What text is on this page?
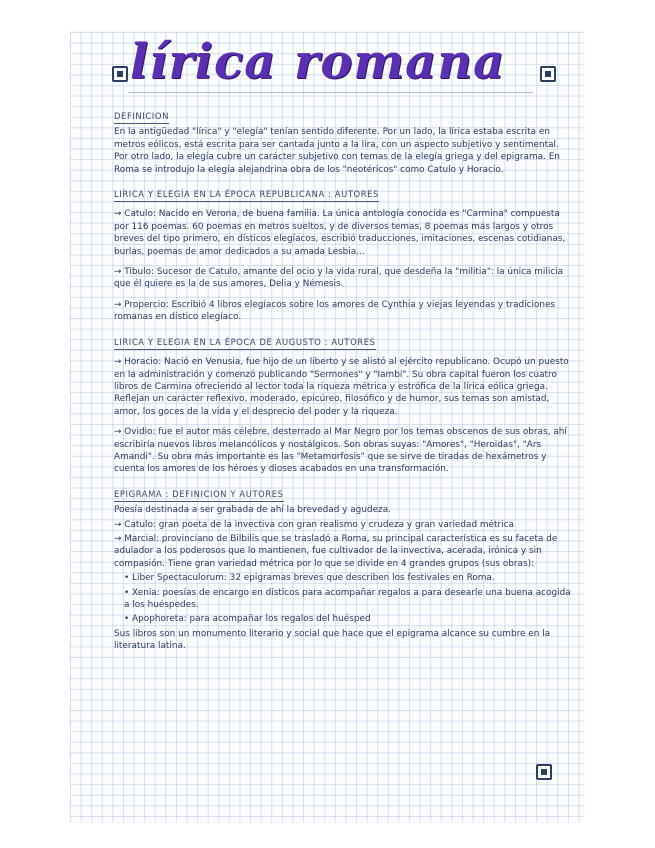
lírica romana
DEFINICION

En la antigüedad "lírica" y "elegía" tenían sentido diferente. Por un lado, la lírica estaba escrita en metros eólicos, está escrita para ser cantada junto a la lira, con un aspecto subjetivo y sentimental. Por otro lado, la elegía cubre un carácter subjetivo con temas de la elegía griega y del epigrama. En Roma se introdujo la elegía alejandrina obra de los "neotéricos" como Catulo y Horacio.

LIRICA Y ELEGÍA EN LA ÉPOCA REPUBLICANA : AUTORES

→ Catulo: Nacido en Verona, de buena familia. La única antología conocida es "Carmina" compuesta por 116 poemas. 60 poemas en metros sueltos, y de diversos temas, 8 poemas más largos y otros breves del tipo primero, en dísticos elegíacos, escribió traducciones, imitaciones, escenas cotidianas, burlas, poemas de amor dedicados a su amada Lesbia...

→ Tibulo: Sucesor de Catulo, amante del ocio y la vida rural, que desdeña la "militia": la única milicia que él quiere es la de sus amores, Delia y Némesis.

→ Propercio: Escribió 4 libros elegíacos sobre los amores de Cynthia y viejas leyendas y tradiciones romanas en dístico elegíaco.

LIRICA Y ELEGIA EN LA ÉPOCA DE AUGUSTO : AUTORES

→ Horacio: Nació en Venusia, fue hijo de un liberto y se alistó al ejército republicano. Ocupó un puesto en la administración y comenzó publicando "Sermones" y "Iambi". Su obra capital fueron los cuatro libros de Carmina ofreciendo al lector toda la riqueza métrica y estrófica de la lírica eólica griega. Reflejan un carácter reflexivo, moderado, epicúreo, filosófico y de humor, sus temas son amistad, amor, los goces de la vida y el desprecio del poder y la riqueza.

→ Ovidio: fue el autor más célebre, desterrado al Mar Negro por los temas obscenos de sus obras, ahí escribiría nuevos libros melancólicos y nostálgicos. Son obras suyas: "Amores", "Heroidas", "Ars Amandi". Su obra más importante es las "Metamorfosis" que se sirve de tiradas de hexámetros y cuenta los amores de los héroes y dioses acabados en una transformación.

EPIGRAMA : DEFINICION Y AUTORES

Poesía destinada a ser grabada de ahí la brevedad y agudeza.

→ Catulo: gran poeta de la invectiva con gran realismo y crudeza y gran variedad métrica

→ Marcial: provinciano de Bilbilis que se trasladó a Roma, su principal característica es su faceta de adulador a los poderosos que lo mantienen, fue cultivador de la invectiva, acerada, irónica y sin compasión. Tiene gran variedad métrica por lo que se divide en 4 grandes grupos (sus obras):

• Liber Spectaculorum: 32 epigramas breves que describen los festivales en Roma.

• Xenia: poesías de encargo en dísticos para acompañar regalos a para desearle una buena acogida a los huéspedes.

• Apophoreta: para acompañar los regalos del huésped

Sus libros son un monumento literario y social que hace que el epigrama alcance su cumbre en la literatura latina.
